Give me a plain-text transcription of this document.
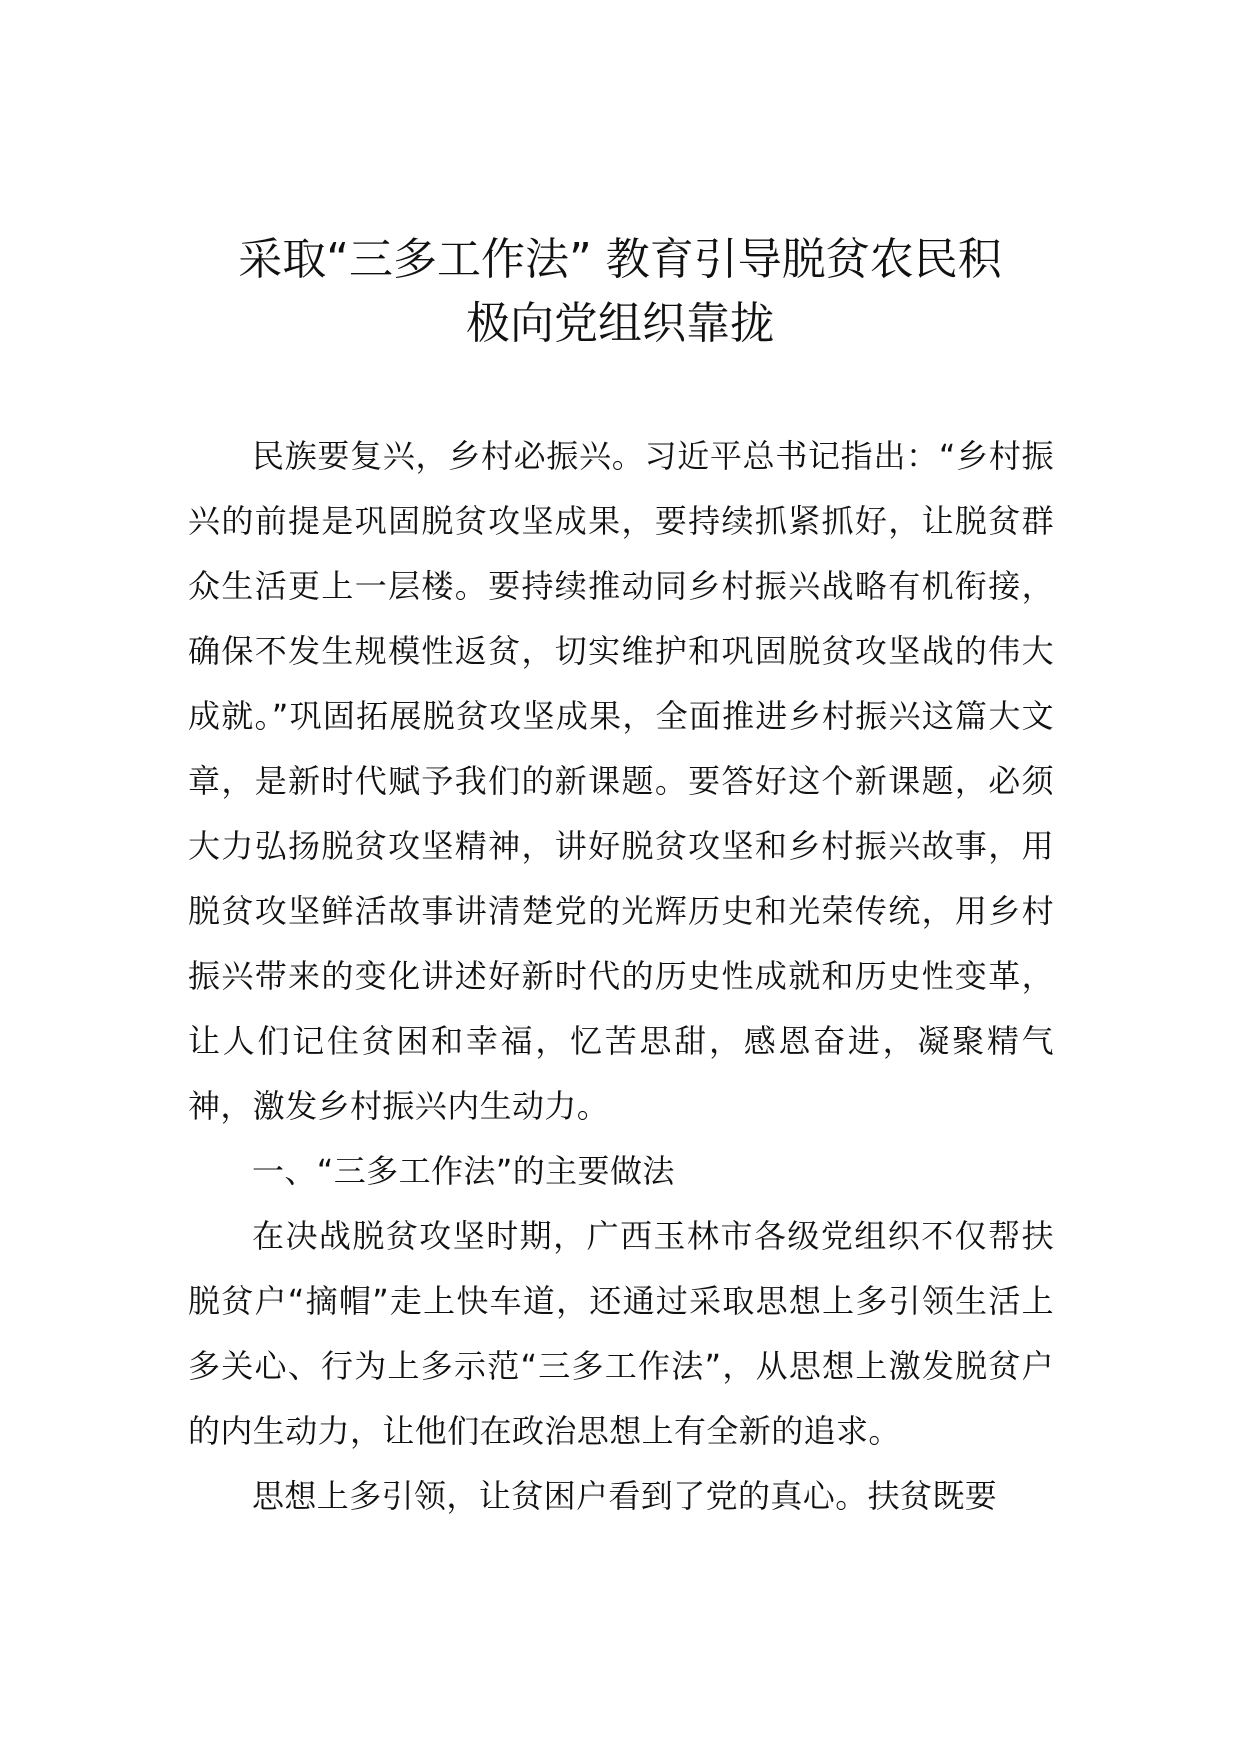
采取“三多工作法” 教育引导脱贫农民积
极向党组织靠拢

民族要复兴，乡村必振兴。习近平总书记指出：“乡村振兴的前提是巩固脱贫攻坚成果，要持续抓紧抓好，让脱贫群众生活更上一层楼。要持续推动同乡村振兴战略有机衔接，确保不发生规模性返贫，切实维护和巩固脱贫攻坚战的伟大成就。”巩固拓展脱贫攻坚成果，全面推进乡村振兴这篇大文章，是新时代赋予我们的新课题。要答好这个新课题，必须大力弘扬脱贫攻坚精神，讲好脱贫攻坚和乡村振兴故事，用脱贫攻坚鲜活故事讲清楚党的光辉历史和光荣传统，用乡村振兴带来的变化讲述好新时代的历史性成就和历史性变革，让人们记住贫困和幸福，忆苦思甜，感恩奋进，凝聚精气神，激发乡村振兴内生动力。

一、“三多工作法”的主要做法

在决战脱贫攻坚时期，广西玉林市各级党组织不仅帮扶脱贫户“摘帽”走上快车道，还通过采取思想上多引领生活上多关心、行为上多示范“三多工作法”，从思想上激发脱贫户的内生动力，让他们在政治思想上有全新的追求。

思想上多引领，让贫困户看到了党的真心。扶贫既要
